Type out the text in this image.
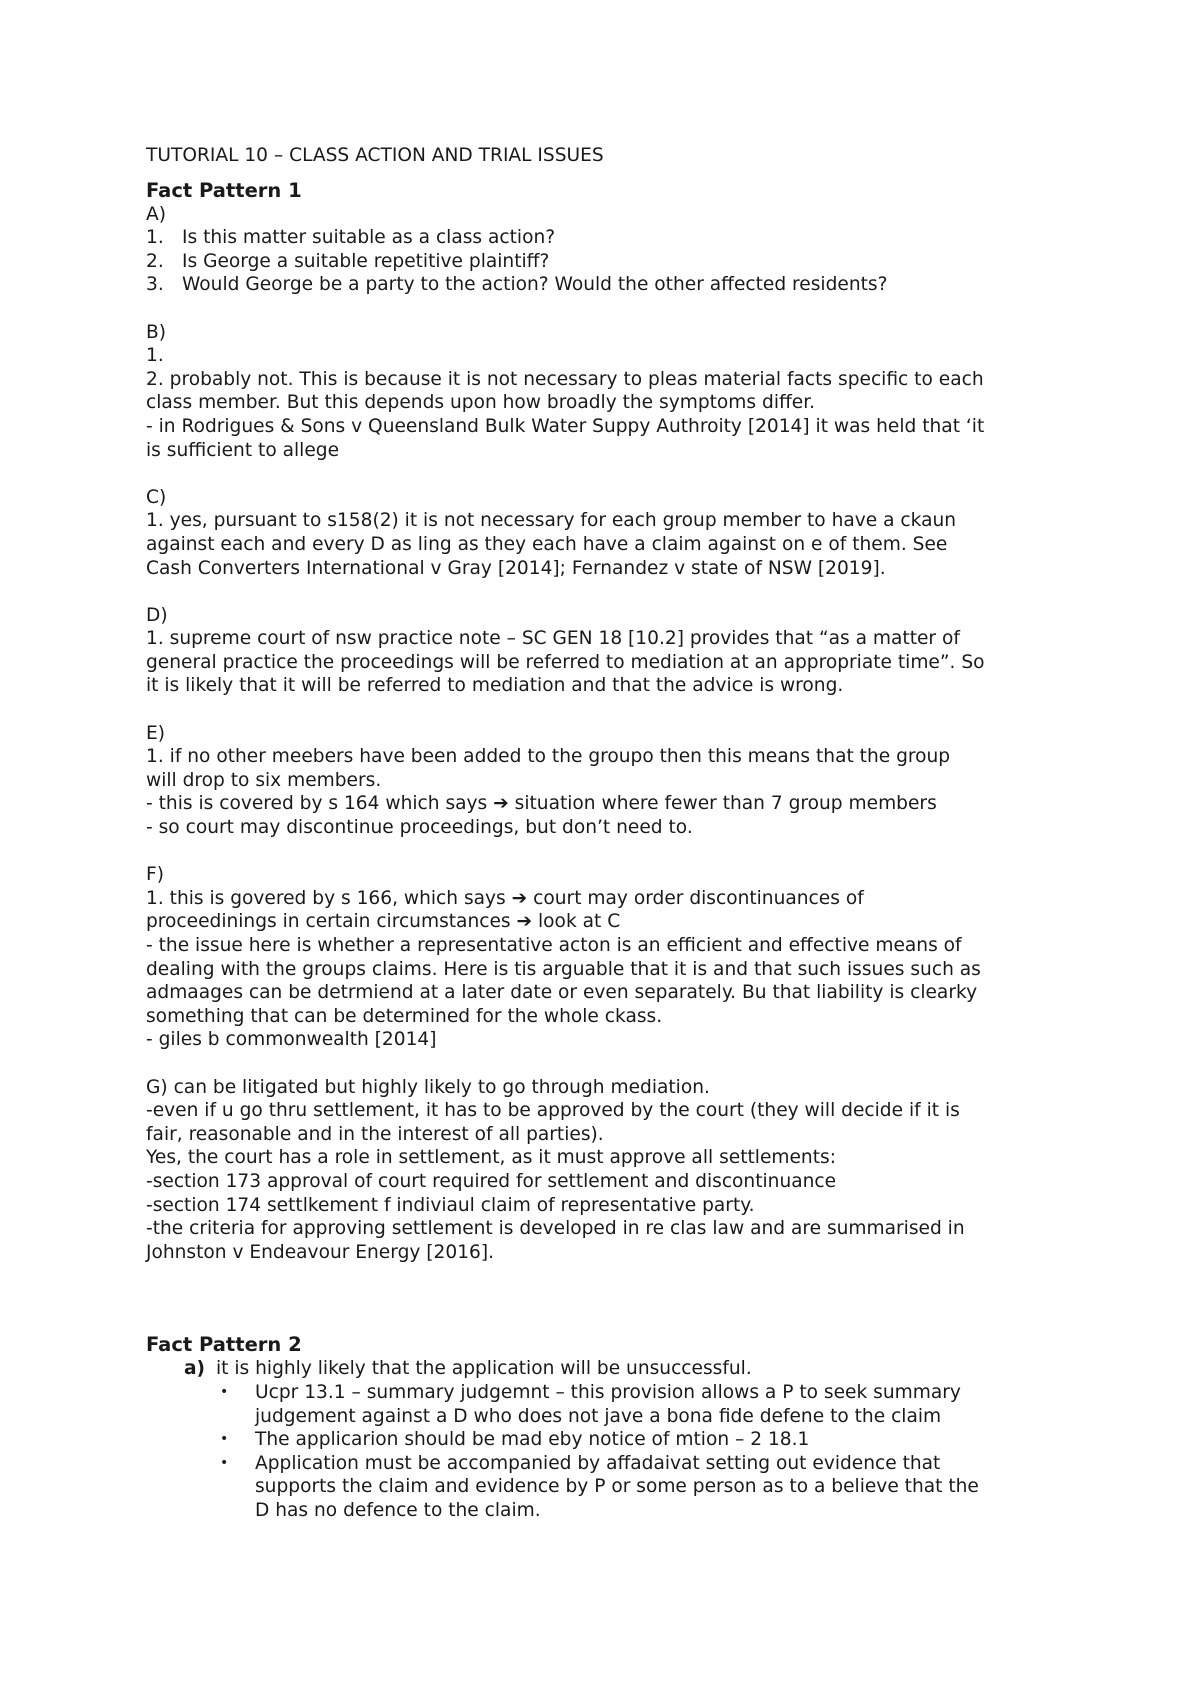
TUTORIAL 10 – CLASS ACTION AND TRIAL ISSUES

Fact Pattern 1

A)

1. Is this matter suitable as a class action?

2. Is George a suitable repetitive plaintiff?

3. Would George be a party to the action? Would the other affected residents?

B)

1.

2. probably not. This is because it is not necessary to pleas material facts specific to each

class member. But this depends upon how broadly the symptoms differ.

- in Rodrigues & Sons v Queensland Bulk Water Suppy Authroity [2014] it was held that ‘it

is sufficient to allege

C)

1. yes, pursuant to s158(2) it is not necessary for each group member to have a ckaun

against each and every D as ling as they each have a claim against on e of them. See

Cash Converters International v Gray [2014]; Fernandez v state of NSW [2019].

D)

1. supreme court of nsw practice note – SC GEN 18 [10.2] provides that “as a matter of

general practice the proceedings will be referred to mediation at an appropriate time”. So

it is likely that it will be referred to mediation and that the advice is wrong.

E)

1. if no other meebers have been added to the groupo then this means that the group

will drop to six members.

- this is covered by s 164 which says ➔ situation where fewer than 7 group members

- so court may discontinue proceedings, but don’t need to.

F)

1. this is govered by s 166, which says ➔ court may order discontinuances of

proceedinings in certain circumstances ➔ look at C

- the issue here is whether a representative acton is an efficient and effective means of

dealing with the groups claims. Here is tis arguable that it is and that such issues such as

admaages can be detrmiend at a later date or even separately. Bu that liability is clearky

something that can be determined for the whole ckass.

- giles b commonwealth [2014]

G) can be litigated but highly likely to go through mediation.

-even if u go thru settlement, it has to be approved by the court (they will decide if it is

fair, reasonable and in the interest of all parties).

Yes, the court has a role in settlement, as it must approve all settlements:

-section 173 approval of court required for settlement and discontinuance

-section 174 settlkement f indiviaul claim of representative party.

-the criteria for approving settlement is developed in re clas law and are summarised in

Johnston v Endeavour Energy [2016].

Fact Pattern 2

a) it is highly likely that the application will be unsuccessful.

• Ucpr 13.1 – summary judgemnt – this provision allows a P to seek summary

judgement against a D who does not jave a bona fide defene to the claim

• The applicarion should be mad eby notice of mtion – 2 18.1

• Application must be accompanied by affadaivat setting out evidence that

supports the claim and evidence by P or some person as to a believe that the

D has no defence to the claim.
